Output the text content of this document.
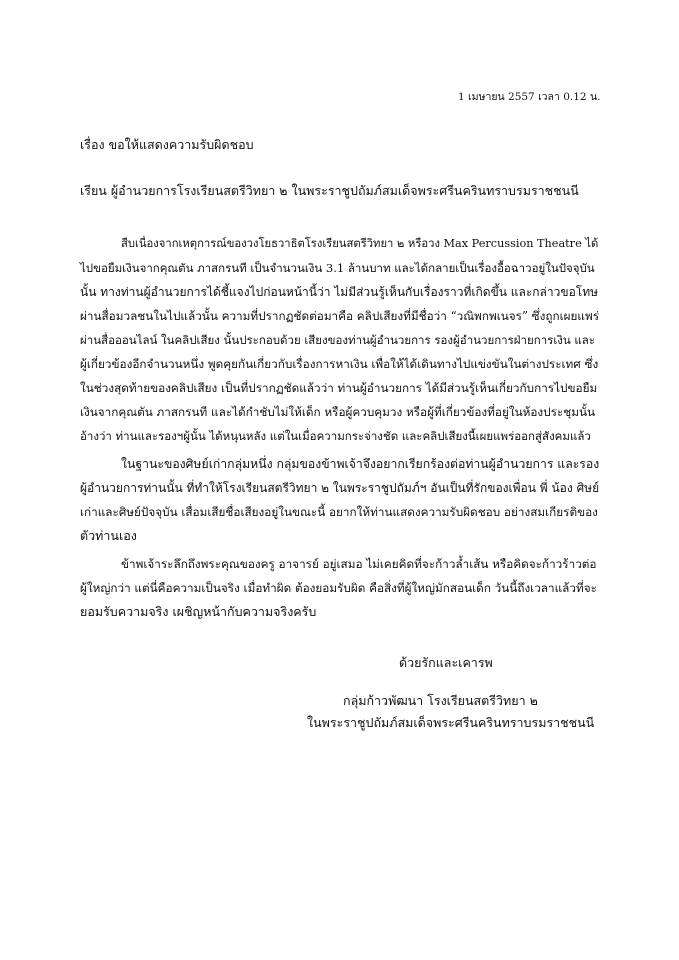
1 เมษายน 2557 เวลา 0.12 น.
เรื่อง ขอให้แสดงความรับผิดชอบ
เรียน ผู้อำนวยการโรงเรียนสตรีวิทยา ๒ ในพระราชูปถัมภ์สมเด็จพระศรีนครินทราบรมราชชนนี
สืบเนื่องจากเหตุการณ์ของวงโยธวาธิตโรงเรียนสตรีวิทยา ๒ หรือวง Max Percussion Theatre ได้
ไปขอยืมเงินจากคุณตัน ภาสกรนที เป็นจำนวนเงิน 3.1 ล้านบาท และได้กลายเป็นเรื่องอื้อฉาวอยู่ในปัจจุบัน
นั้น ทางท่านผู้อำนวยการได้ชี้แจงไปก่อนหน้านี้ว่า ไม่มีส่วนรู้เห็นกับเรื่องราวที่เกิดขึ้น และกล่าวขอโทษ
ผ่านสื่อมวลชนในไปแล้วนั้น ความที่ปรากฏชัดต่อมาคือ คลิปเสียงที่มีชื่อว่า “วณิพกพเนจร” ซึ่งถูกเผยแพร่
ผ่านสื่อออนไลน์ ในคลิปเสียง นั้นประกอบด้วย เสียงของท่านผู้อำนวยการ รองผู้อำนวยการฝ่ายการเงิน และ
ผู้เกี่ยวข้องอีกจำนวนหนึ่ง พูดคุยกันเกี่ยวกับเรื่องการหาเงิน เพื่อให้ได้เดินทางไปแข่งขันในต่างประเทศ ซึ่ง
ในช่วงสุดท้ายของคลิปเสียง เป็นที่ปรากฏชัดแล้วว่า ท่านผู้อำนวยการ ได้มีส่วนรู้เห็นเกี่ยวกับการไปขอยืม
เงินจากคุณตัน ภาสกรนที และได้กำชับไม่ให้เด็ก หรือผู้ควบคุมวง หรือผู้ที่เกี่ยวข้องที่อยู่ในห้องประชุมนั้น
อ้างว่า ท่านและรองฯผู้นั้น ได้หนุนหลัง แต่ในเมื่อความกระจ่างชัด และคลิปเสียงนี้เผยแพร่ออกสู่สังคมแล้ว
ในฐานะของศิษย์เก่ากลุ่มหนึ่ง กลุ่มของข้าพเจ้าจึงอยากเรียกร้องต่อท่านผู้อำนวยการ และรอง
ผู้อำนวยการท่านนั้น ที่ทำให้โรงเรียนสตรีวิทยา ๒ ในพระราชูปถัมภ์ฯ อันเป็นที่รักของเพื่อน พี่ น้อง ศิษย์
เก่าและศิษย์ปัจจุบัน เสื่อมเสียชื่อเสียงอยู่ในขณะนี้ อยากให้ท่านแสดงความรับผิดชอบ อย่างสมเกียรติของ
ตัวท่านเอง
ข้าพเจ้าระลึกถึงพระคุณของครู อาจารย์ อยู่เสมอ ไม่เคยคิดที่จะก้าวล้ำเส้น หรือคิดจะก้าวร้าวต่อ
ผู้ใหญ่กว่า แต่นี่คือความเป็นจริง เมื่อทำผิด ต้องยอมรับผิด คือสิ่งที่ผู้ใหญ่มักสอนเด็ก วันนี้ถึงเวลาแล้วที่จะ
ยอมรับความจริง เผชิญหน้ากับความจริงครับ
ด้วยรักและเคารพ
กลุ่มก้าวพัฒนา โรงเรียนสตรีวิทยา ๒
ในพระราชูปถัมภ์สมเด็จพระศรีนครินทราบรมราชชนนี
